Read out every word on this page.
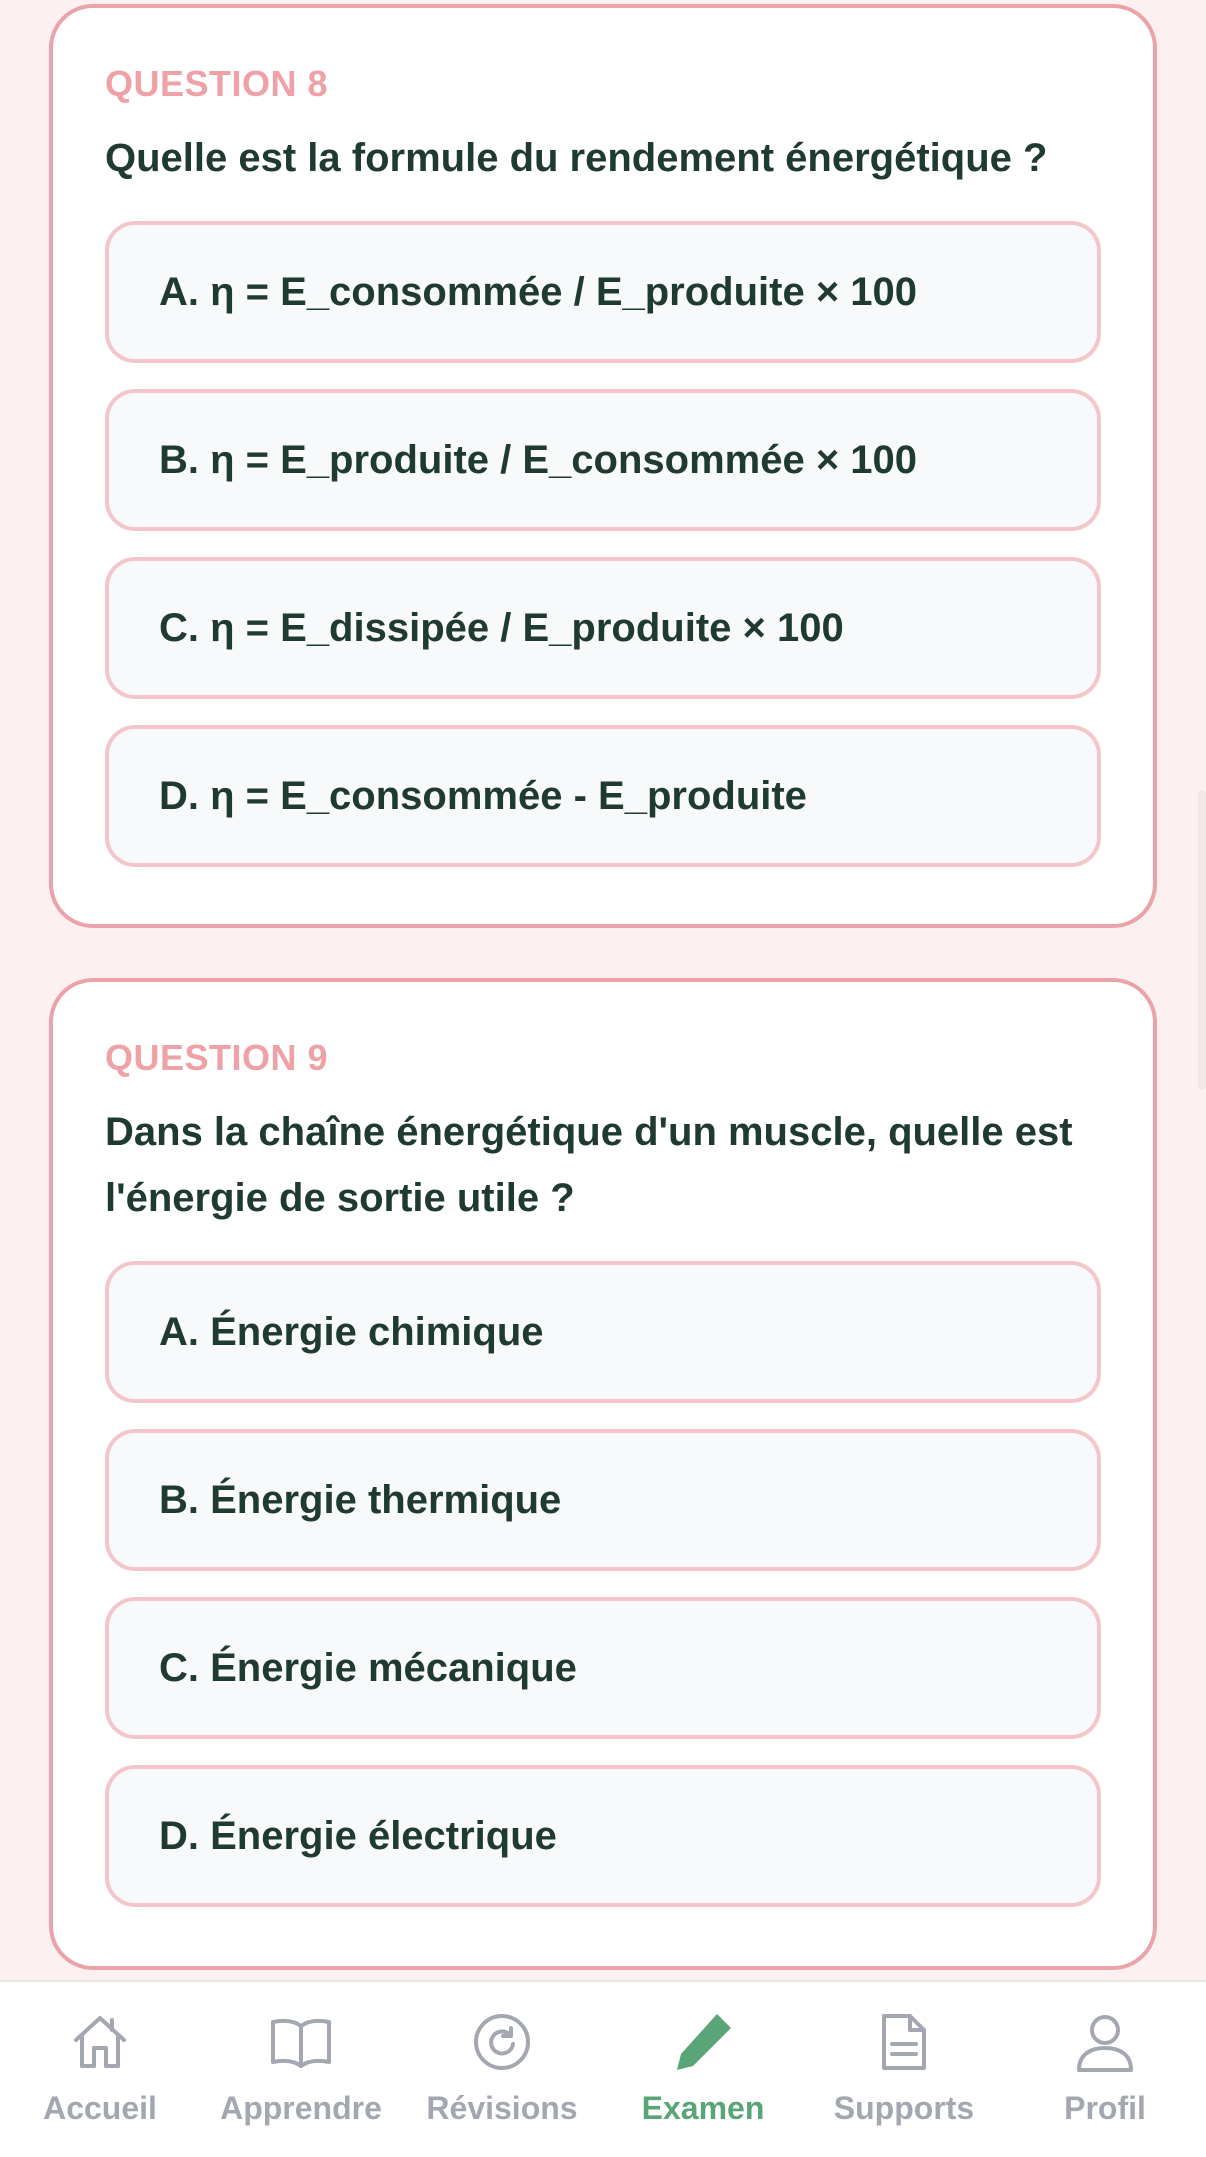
QUESTION 8
Quelle est la formule du rendement énergétique ?
A. η = E_consommée / E_produite × 100
B. η = E_produite / E_consommée × 100
C. η = E_dissipée / E_produite × 100
D. η = E_consommée - E_produite
QUESTION 9
Dans la chaîne énergétique d'un muscle, quelle est l'énergie de sortie utile ?
A. Énergie chimique
B. Énergie thermique
C. Énergie mécanique
D. Énergie électrique
Accueil Apprendre Révisions Examen Supports	Profil
